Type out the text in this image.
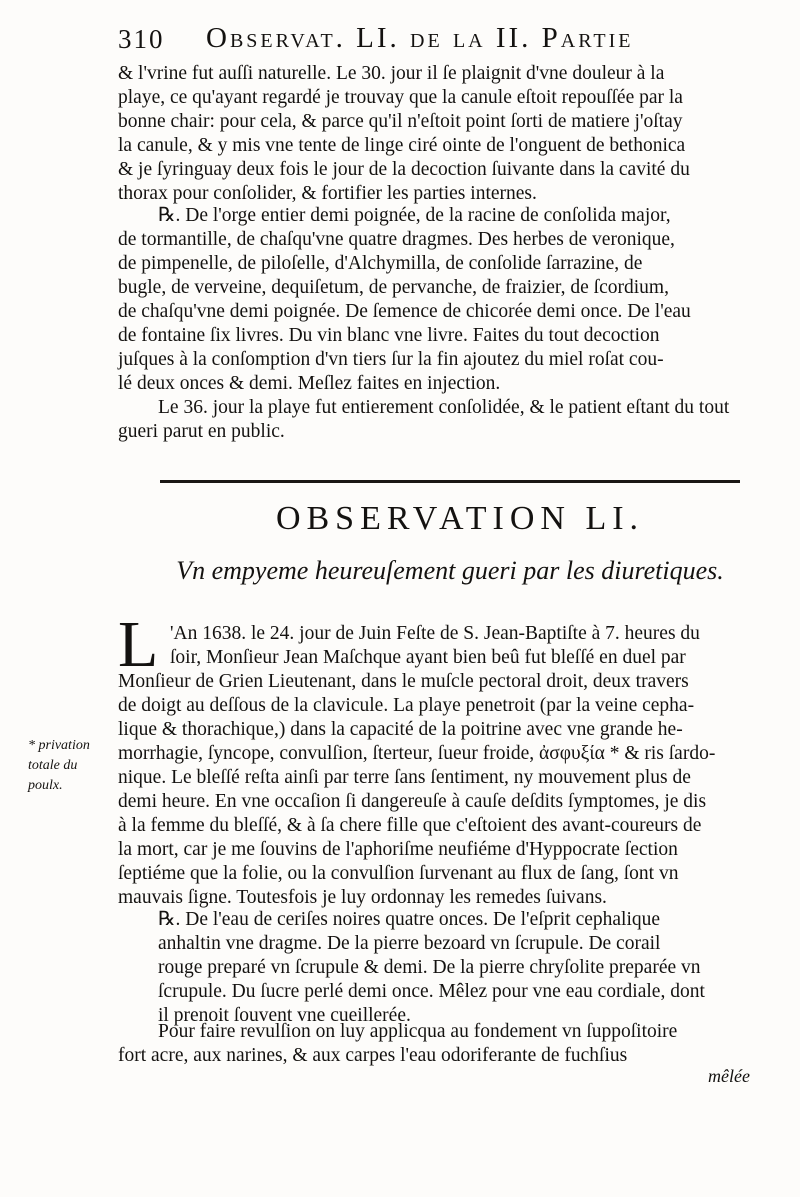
310 Observat. LI. de la II. Partie
& l'vrine fut auſſi naturelle. Le 30. jour il ſe plaignit d'vne douleur à la
playe, ce qu'ayant regardé je trouvay que la canule eſtoit repouſſée par la
bonne chair: pour cela, & parce qu'il n'eſtoit point ſorti de matiere j'oſtay
la canule, & y mis vne tente de linge ciré ointe de l'onguent de bethonica
& je ſyringuay deux fois le jour de la decoction ſuivante dans la cavité du
thorax pour conſolider, & fortifier les parties internes.
℞. De l'orge entier demi poignée, de la racine de conſolida major,
de tormantille, de chaſqu'vne quatre dragmes. Des herbes de veronique,
de pimpenelle, de piloſelle, d'Alchymilla, de conſolide ſarrazine, de
bugle, de verveine, dequiſetum, de pervanche, de fraizier, de ſcordium,
de chaſqu'vne demi poignée. De ſemence de chicorée demi once. De l'eau
de fontaine ſix livres. Du vin blanc vne livre. Faites du tout decoction
juſques à la conſomption d'vn tiers ſur la fin ajoutez du miel roſat cou-
lé deux onces & demi. Meſlez faites en injection.
Le 36. jour la playe fut entierement conſolidée, & le patient eſtant du tout
gueri parut en public.
OBSERVATION LI.
Vn empyeme heureuſement gueri par les diuretiques.
* privation totale du poulx.
L 'An 1638. le 24. jour de Juin Feſte de S. Jean-Baptiſte à 7. heures du
ſoir, Monſieur Jean Maſchque ayant bien beû fut bleſſé en duel par
Monſieur de Grien Lieutenant, dans le muſcle pectoral droit, deux travers
de doigt au deſſous de la clavicule. La playe penetroit (par la veine cepha-
lique & thorachique,) dans la capacité de la poitrine avec vne grande he-
morrhagie, ſyncope, convulſion, ſterteur, ſueur froide, ἀσφυξία * & ris ſardo-
nique. Le bleſſé reſta ainſi par terre ſans ſentiment, ny mouvement plus de
demi heure. En vne occaſion ſi dangereuſe à cauſe deſdits ſymptomes, je dis
à la femme du bleſſé, & à ſa chere fille que c'eſtoient des avant-coureurs de
la mort, car je me ſouvins de l'aphoriſme neufiéme d'Hyppocrate ſection
ſeptiéme que la folie, ou la convulſion ſurvenant au flux de ſang, ſont vn
mauvais ſigne. Toutesfois je luy ordonnay les remedes ſuivans.
℞. De l'eau de ceriſes noires quatre onces. De l'eſprit cephalique
anhaltin vne dragme. De la pierre bezoard vn ſcrupule. De corail
rouge preparé vn ſcrupule & demi. De la pierre chryſolite preparée vn
ſcrupule. Du ſucre perlé demi once. Mêlez pour vne eau cordiale, dont
il prenoit ſouvent vne cueillerée.
Pour faire revulſion on luy applicqua au fondement vn ſuppoſitoire
fort acre, aux narines, & aux carpes l'eau odoriferante de fuchſius
mêlée
